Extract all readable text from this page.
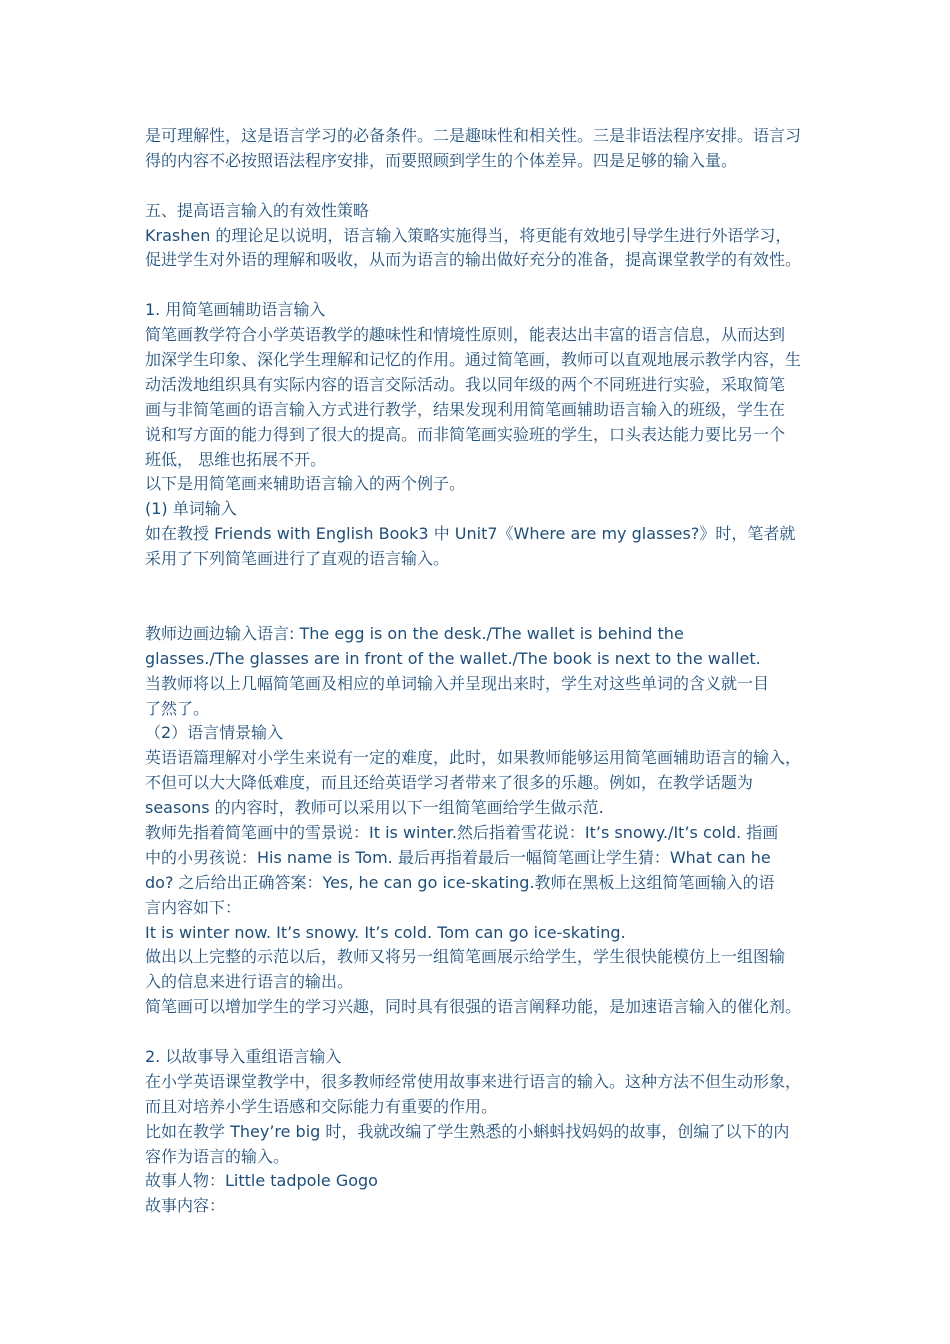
是可理解性，这是语言学习的必备条件。二是趣味性和相关性。三是非语法程序安排。语言习
得的内容不必按照语法程序安排，而要照顾到学生的个体差异。四是足够的输入量。
五、提高语言输入的有效性策略
Krashen 的理论足以说明，语言输入策略实施得当，将更能有效地引导学生进行外语学习，
促进学生对外语的理解和吸收，从而为语言的输出做好充分的准备，提高课堂教学的有效性。
1. 用简笔画辅助语言输入
简笔画教学符合小学英语教学的趣味性和情境性原则，能表达出丰富的语言信息，从而达到
加深学生印象、深化学生理解和记忆的作用。通过简笔画，教师可以直观地展示教学内容，生
动活泼地组织具有实际内容的语言交际活动。我以同年级的两个不同班进行实验，采取简笔
画与非简笔画的语言输入方式进行教学，结果发现利用简笔画辅助语言输入的班级，学生在
说和写方面的能力得到了很大的提高。而非简笔画实验班的学生，口头表达能力要比另一个
班低， 思维也拓展不开。
以下是用简笔画来辅助语言输入的两个例子。
(1) 单词输入
如在教授 Friends with English Book3 中 Unit7《Where are my glasses?》时，笔者就
采用了下列简笔画进行了直观的语言输入。
教师边画边输入语言: The egg is on the desk./The wallet is behind the
glasses./The glasses are in front of the wallet./The book is next to the wallet.
当教师将以上几幅简笔画及相应的单词输入并呈现出来时，学生对这些单词的含义就一目
了然了。
（2）语言情景输入
英语语篇理解对小学生来说有一定的难度，此时，如果教师能够运用简笔画辅助语言的输入，
不但可以大大降低难度，而且还给英语学习者带来了很多的乐趣。例如，在教学话题为
seasons 的内容时，教师可以采用以下一组简笔画给学生做示范.
教师先指着简笔画中的雪景说：It is winter.然后指着雪花说：It’s snowy./It’s cold. 指画
中的小男孩说：His name is Tom. 最后再指着最后一幅简笔画让学生猜：What can he
do? 之后给出正确答案：Yes, he can go ice-skating.教师在黑板上这组简笔画输入的语
言内容如下：
It is winter now. It’s snowy. It’s cold. Tom can go ice-skating.
做出以上完整的示范以后，教师又将另一组简笔画展示给学生，学生很快能模仿上一组图输
入的信息来进行语言的输出。
简笔画可以增加学生的学习兴趣，同时具有很强的语言阐释功能，是加速语言输入的催化剂。
2. 以故事导入重组语言输入
在小学英语课堂教学中，很多教师经常使用故事来进行语言的输入。这种方法不但生动形象，
而且对培养小学生语感和交际能力有重要的作用。
比如在教学 They’re big 时，我就改编了学生熟悉的小蝌蚪找妈妈的故事，创编了以下的内
容作为语言的输入。
故事人物：Little tadpole Gogo
故事内容：
